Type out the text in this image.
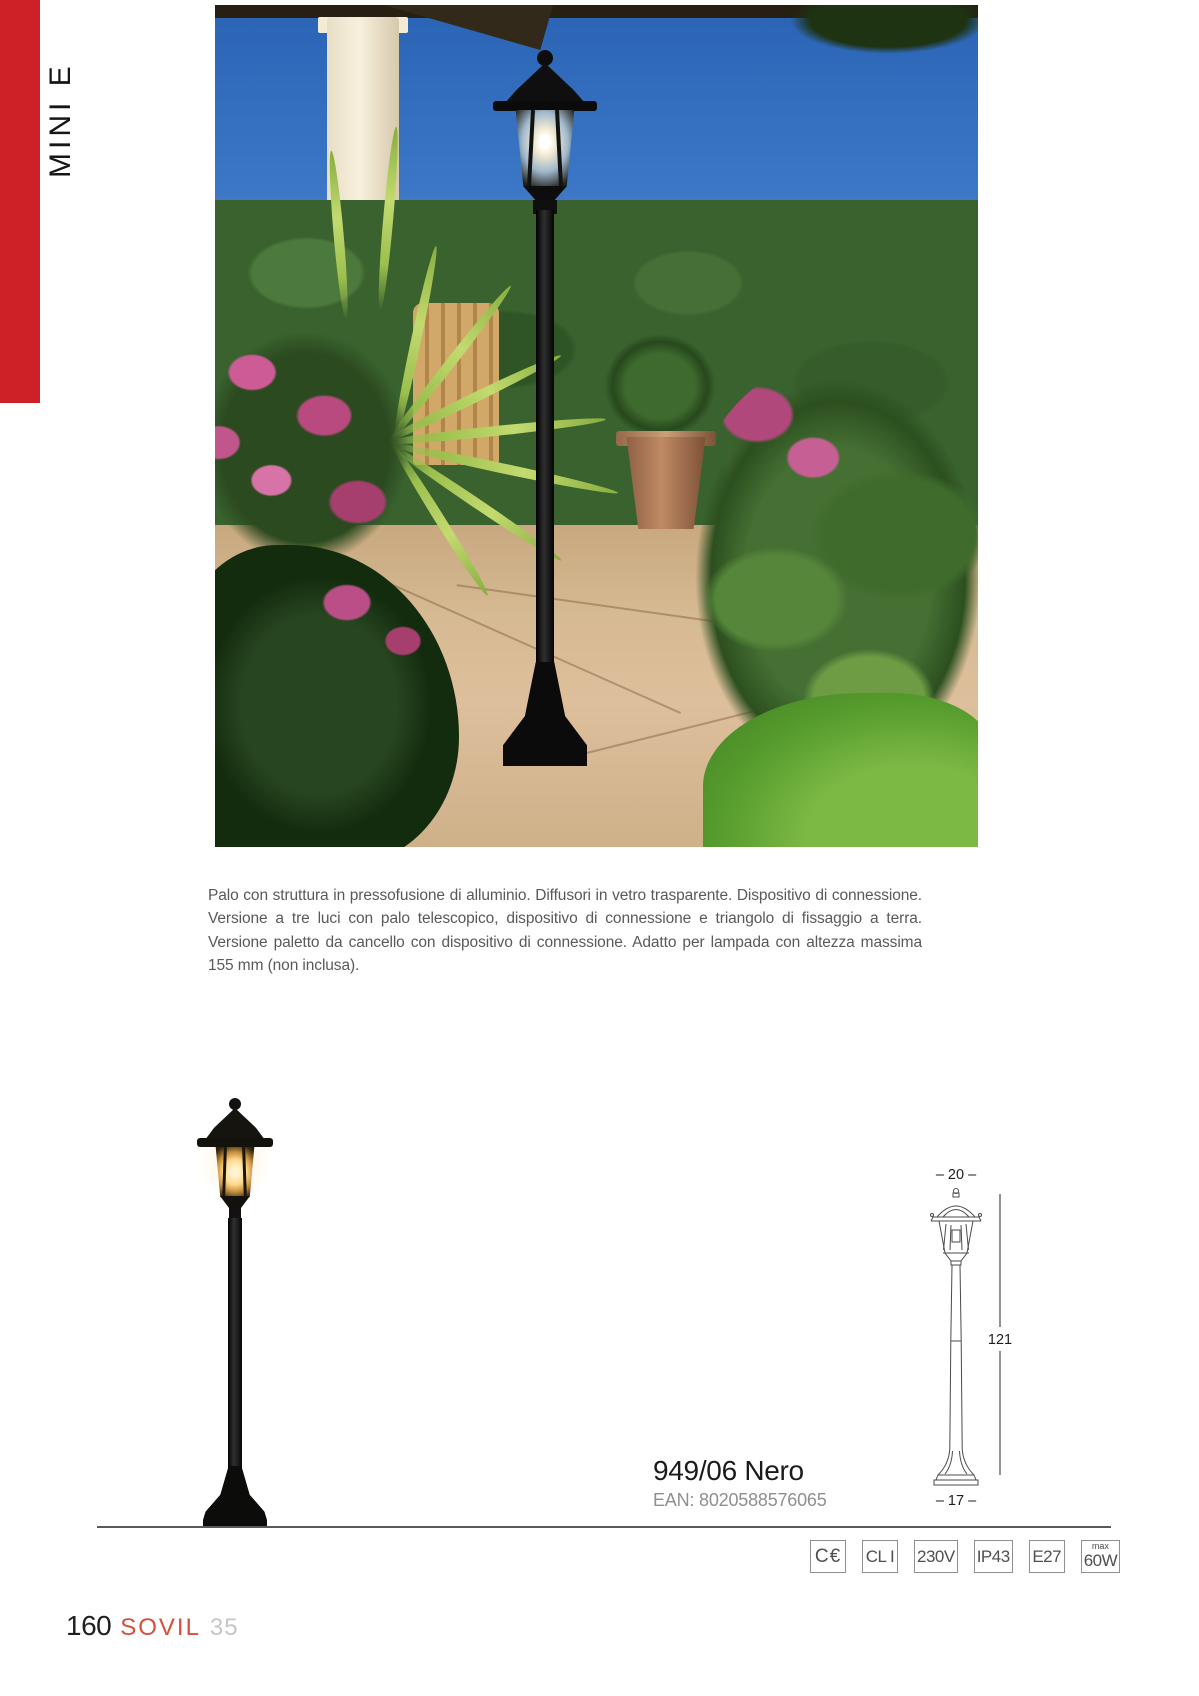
MINI E
Palo con struttura in pressofusione di alluminio. Diffusori in vetro trasparente. Dispositivo di connessione. Versione a tre luci con palo telescopico, dispositivo di connessione e triangolo di fissaggio a terra. Versione paletto da cancello con dispositivo di connessione. Adatto per lampada con altezza massima 155 mm (non inclusa).
949/06 Nero
EAN: 8020588576065
– 20 –
121
– 17 –
C€ CL I 230V IP43 E27
max
60W
160 SOVIL 35
